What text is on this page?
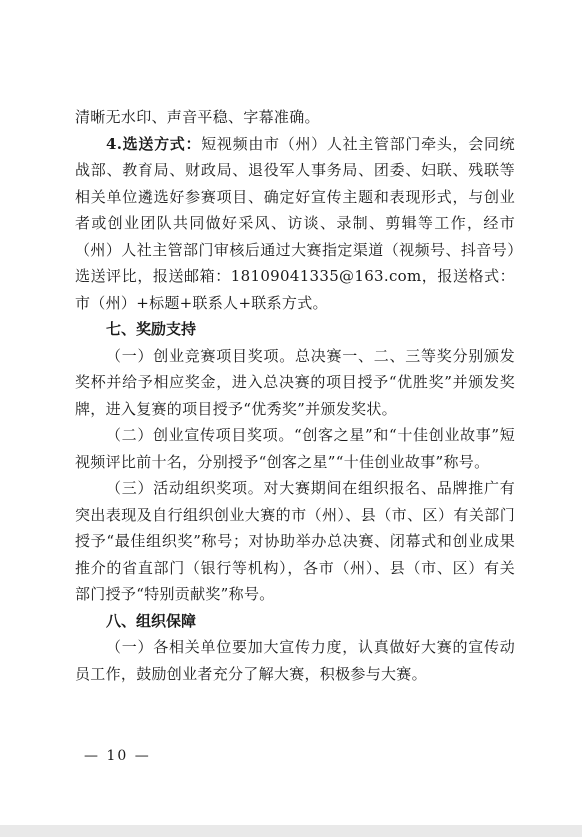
清晰无水印、声音平稳、字幕准确。

4.选送方式：短视频由市（州）人社主管部门牵头，会同统战部、教育局、财政局、退役军人事务局、团委、妇联、残联等相关单位遴选好参赛项目、确定好宣传主题和表现形式，与创业者或创业团队共同做好采风、访谈、录制、剪辑等工作，经市（州）人社主管部门审核后通过大赛指定渠道（视频号、抖音号）选送评比，报送邮箱：18109041335@163.com，报送格式：市（州）+标题+联系人+联系方式。

七、奖励支持

（一）创业竞赛项目奖项。总决赛一、二、三等奖分别颁发奖杯并给予相应奖金，进入总决赛的项目授予“优胜奖”并颁发奖牌，进入复赛的项目授予“优秀奖”并颁发奖状。

（二）创业宣传项目奖项。“创客之星”和“十佳创业故事”短视频评比前十名，分别授予“创客之星”“十佳创业故事”称号。

（三）活动组织奖项。对大赛期间在组织报名、品牌推广有突出表现及自行组织创业大赛的市（州）、县（市、区）有关部门授予“最佳组织奖”称号；对协助举办总决赛、闭幕式和创业成果推介的省直部门（银行等机构），各市（州）、县（市、区）有关部门授予“特别贡献奖”称号。

八、组织保障

（一）各相关单位要加大宣传力度，认真做好大赛的宣传动员工作，鼓励创业者充分了解大赛，积极参与大赛。

— 10 —
